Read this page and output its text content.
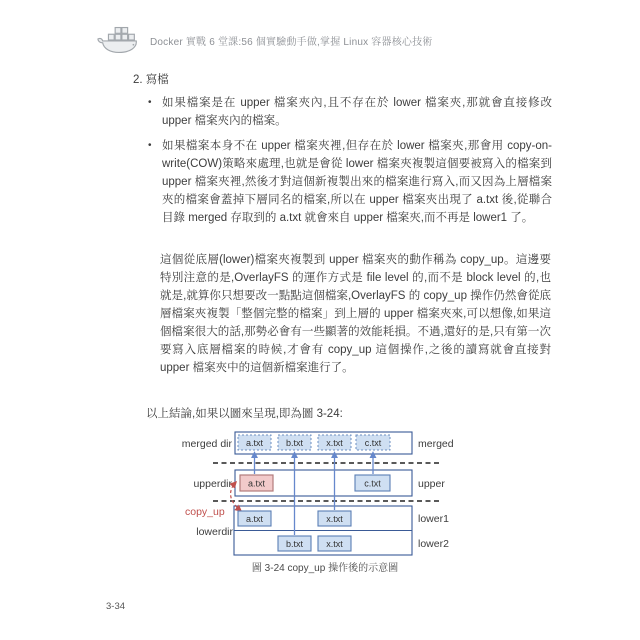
Docker 實戰 6 堂課:56 個實驗動手做,掌握 Linux 容器核心技術
2. 寫檔
• 如果檔案是在 upper 檔案夾內,且不存在於 lower 檔案夾,那就會直接修改 upper 檔案夾內的檔案。
• 如果檔案本身不在 upper 檔案夾裡,但存在於 lower 檔案夾,那會用 copy-on-write(COW)策略來處理,也就是會從 lower 檔案夾複製這個要被寫入的檔案到 upper 檔案夾裡,然後才對這個新複製出來的檔案進行寫入,而又因為上層檔案夾的檔案會蓋掉下層同名的檔案,所以在 upper 檔案夾出現了 a.txt 後,從聯合目錄 merged 存取到的 a.txt 就會來自 upper 檔案夾,而不再是 lower1 了。
這個從底層(lower)檔案夾複製到 upper 檔案夾的動作稱為 copy_up。這邊要特別注意的是,OverlayFS 的運作方式是 file level 的,而不是 block level 的,也就是,就算你只想要改一點點這個檔案,OverlayFS 的 copy_up 操作仍然會從底層檔案夾複製「整個完整的檔案」到上層的 upper 檔案夾來,可以想像,如果這個檔案很大的話,那勢必會有一些顯著的效能耗損。不過,還好的是,只有第一次要寫入底層檔案的時候,才會有 copy_up 這個操作,之後的讀寫就會直接對 upper 檔案夾中的這個新檔案進行了。
以上結論,如果以圖來呈現,即為圖 3-24:
a.txt	b.txt	x.txt c.txt
a.txt	c.txt
a.txt	x.txt
b.txt	x.txt
merged dir
upperdir
lowerdir
copy_up
merged
upper
lower1
lower2
圖 3-24 copy_up 操作後的示意圖
3-34
